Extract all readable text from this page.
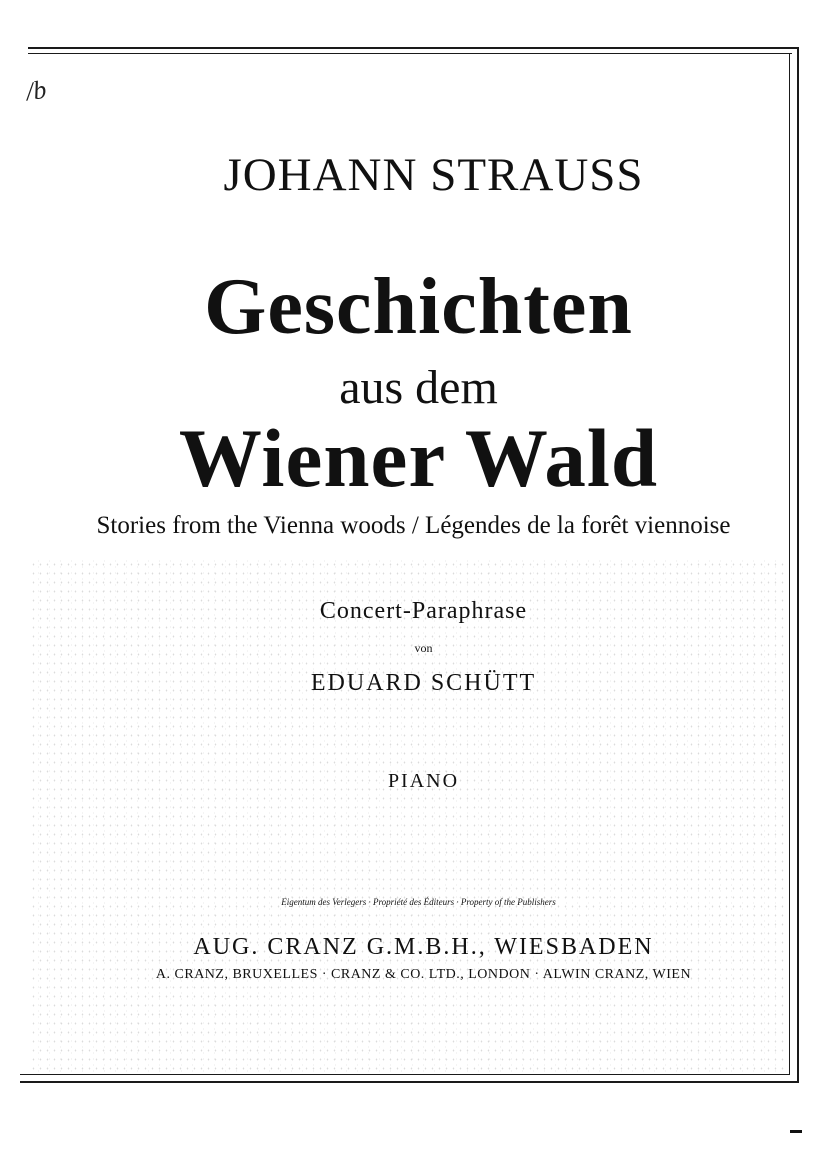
/b
JOHANN STRAUSS
Geschichten
aus dem
Wiener Wald
Stories from the Vienna woods / Légendes de la forêt viennoise
Concert-Paraphrase
von
EDUARD SCHÜTT
PIANO
Eigentum des Verlegers · Propriété des Éditeurs · Property of the Publishers
AUG. CRANZ G.M.B.H., WIESBADEN
A. CRANZ, BRUXELLES · CRANZ & CO. LTD., LONDON · ALWIN CRANZ, WIEN
